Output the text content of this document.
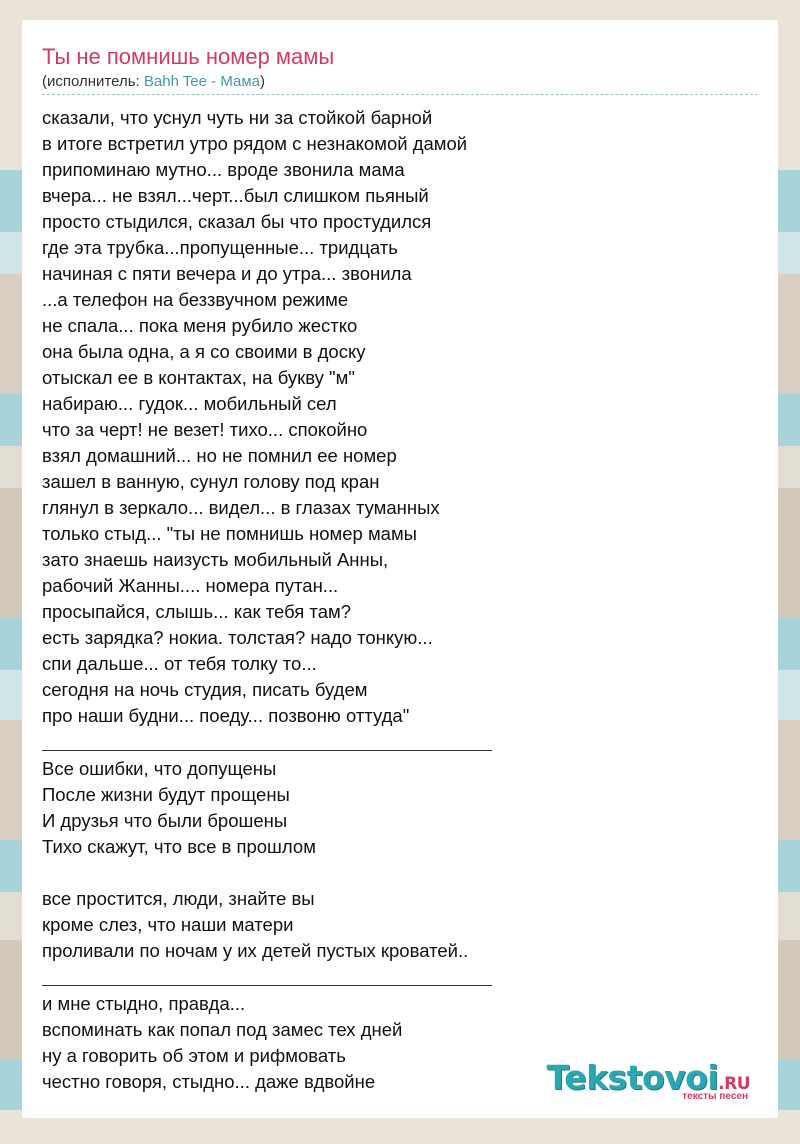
Ты не помнишь номер мамы
(исполнитель: Bahh Tee - Мама)
сказали, что уснул чуть ни за стойкой барной
в итоге встретил утро рядом с незнакомой дамой
припоминаю мутно... вроде звонила мама
вчера... не взял...черт...был слишком пьяный
просто стыдился, сказал бы что простудился
где эта трубка...пропущенные... тридцать
начиная с пяти вечера и до утра... звонила
...а телефон на беззвучном режиме
не спала... пока меня рубило жестко
она была одна, а я со своими в доску
отыскал ее в контактах, на букву "м"
набираю... гудок... мобильный сел
что за черт! не везет! тихо... спокойно
взял домашний... но не помнил ее номер
зашел в ванную, сунул голову под кран
глянул в зеркало... видел... в глазах туманных
только стыд... "ты не помнишь номер мамы
зато знаешь наизусть мобильный Анны,
рабочий Жанны.... номера путан...
просыпайся, слышь... как тебя там?
есть зарядка? нокиа. толстая? надо тонкую...
спи дальше... от тебя толку то...
сегодня на ночь студия, писать будем
про наши будни... поеду... позвоню оттуда"
Все ошибки, что допущены
После жизни будут прощены
И друзья что были брошены
Тихо скажут, что все в прошлом
все простится, люди, знайте вы
кроме слез, что наши матери
проливали по ночам у их детей пустых кроватей..
и мне стыдно, правда...
вспоминать как попал под замес тех дней
ну а говорить об этом и рифмовать
честно говоря, стыдно... даже вдвойне	Tekstovoi.RU
тексты песен
